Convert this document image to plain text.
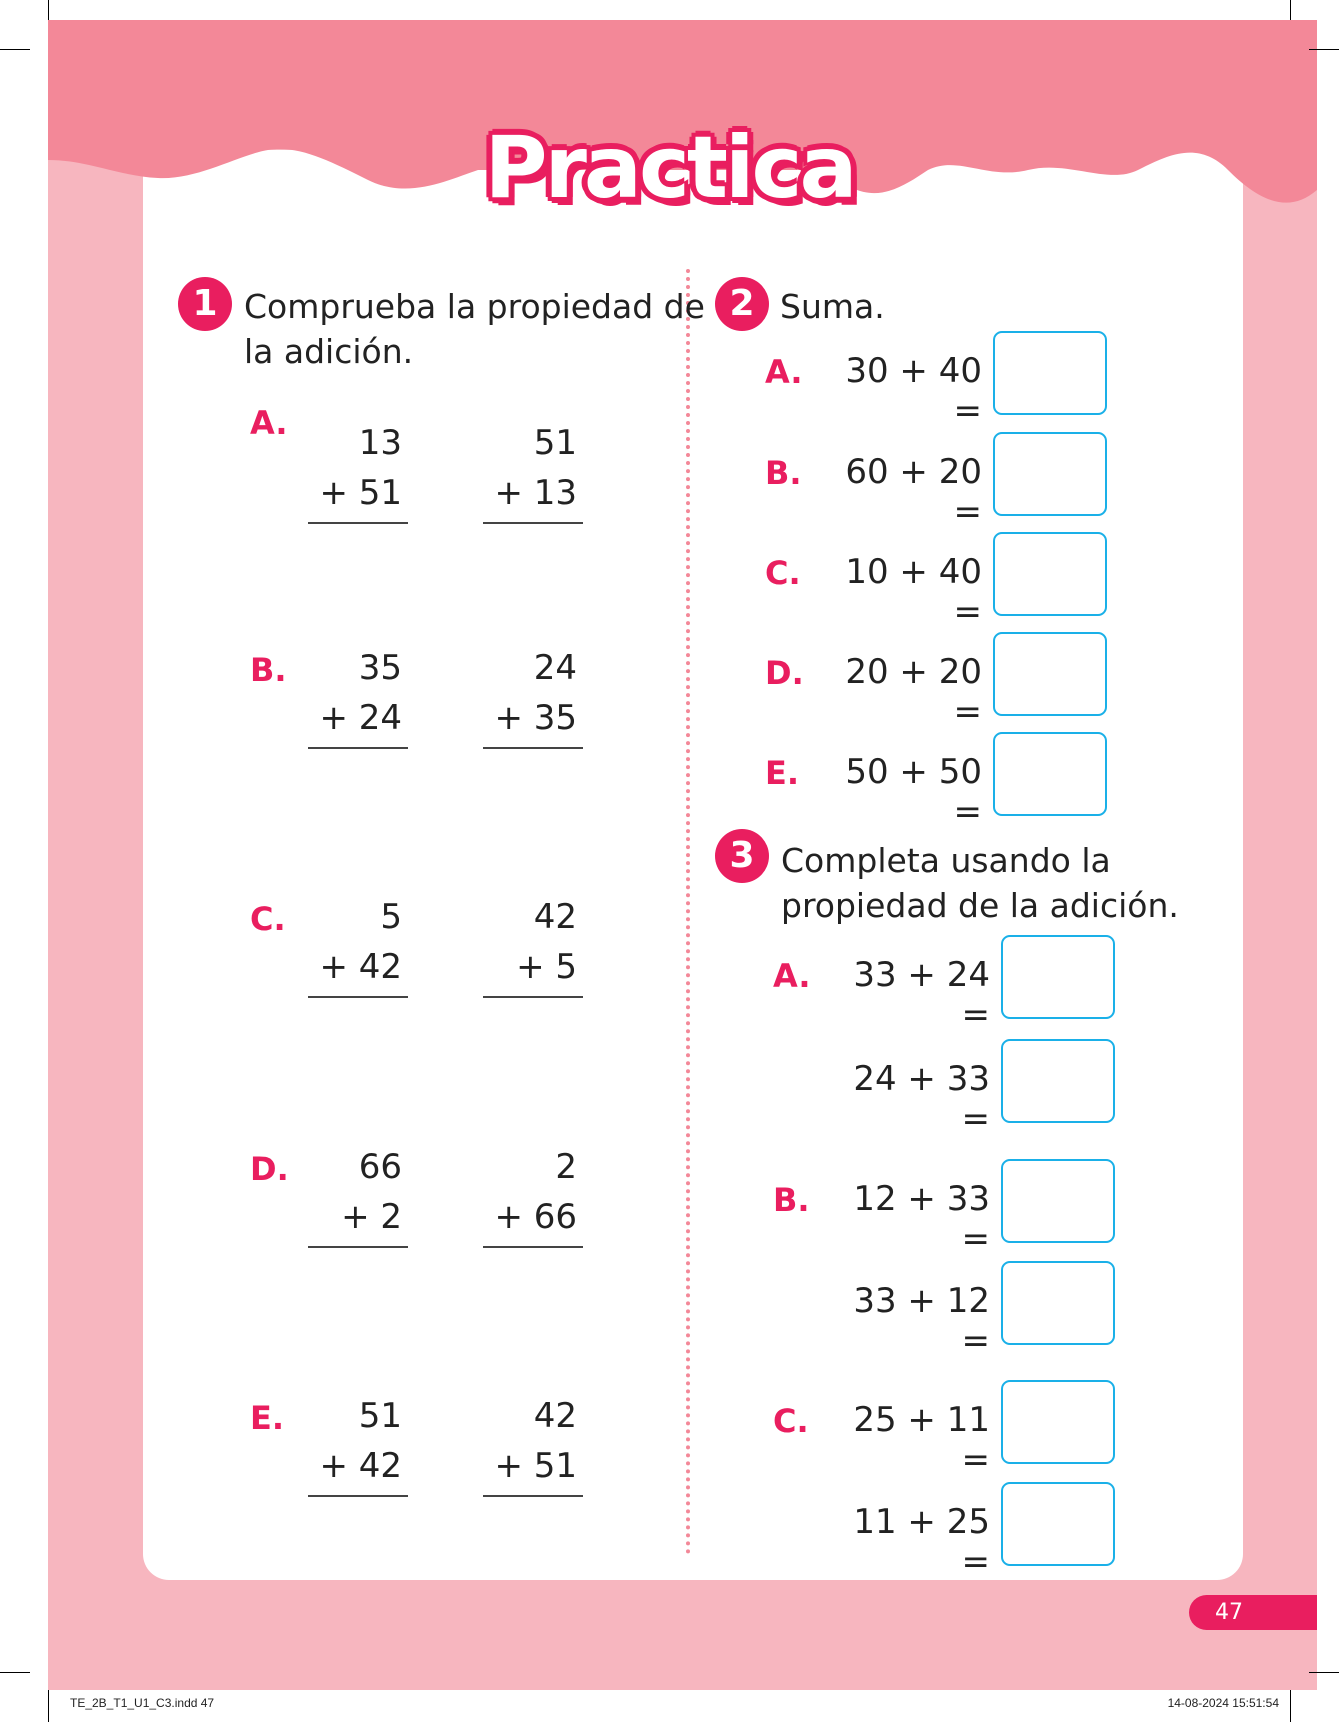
Practica
1 Comprueba la propiedad de
la adición.
A.	13
+ 51
51
+ 13
B.	35
+ 24
24
+ 35
C.	5
+ 42
42
+ 5
D.	66
+ 2
2
+ 66
E.	51
+ 42
42
+ 51
2 Suma.
A.	30 + 40 =
B.	60 + 20 =
C.	10 + 40 =
D.	20 + 20 =
E.	50 + 50 =
3 Completa usando la
propiedad de la adición.
A.	33 + 24 =
24 + 33 =
B.	12 + 33 =
33 + 12 =
C.	25 + 11 =
11 + 25 =
47
TE_2B_T1_U1_C3.indd 47	14-08-2024 15:51:54
